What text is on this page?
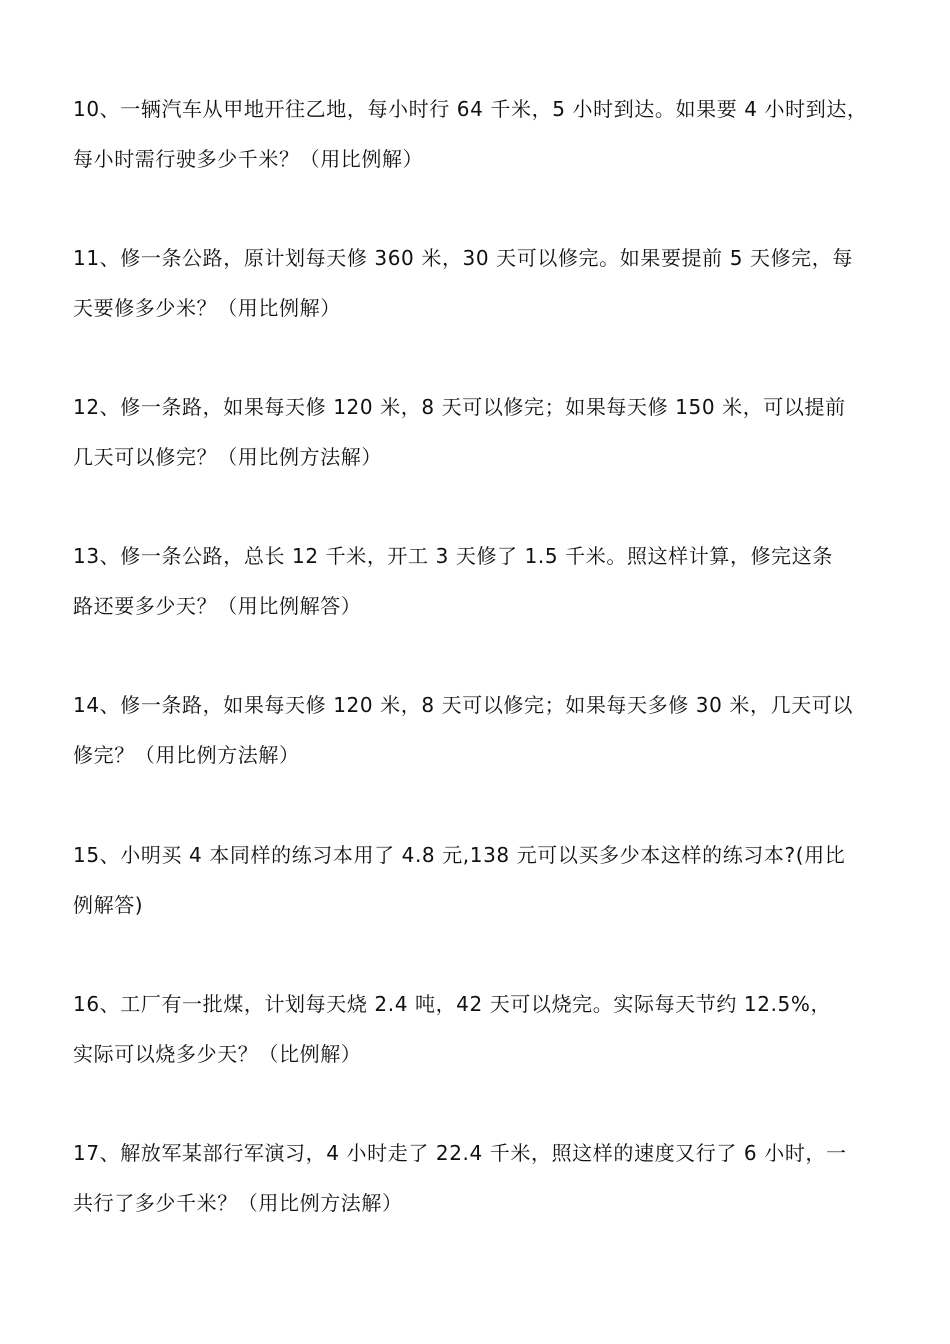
10、一辆汽车从甲地开往乙地，每小时行 64 千米，5 小时到达。如果要 4 小时到达，
每小时需行驶多少千米？（用比例解）
11、修一条公路，原计划每天修 360 米，30 天可以修完。如果要提前 5 天修完，每
天要修多少米？（用比例解）
12、修一条路，如果每天修 120 米，8 天可以修完；如果每天修 150 米，可以提前
几天可以修完？（用比例方法解）
13、修一条公路，总长 12 千米，开工 3 天修了 1.5 千米。照这样计算，修完这条
路还要多少天？（用比例解答）
14、修一条路，如果每天修 120 米，8 天可以修完；如果每天多修 30 米，几天可以
修完？（用比例方法解）
15、小明买 4 本同样的练习本用了 4.8 元,138 元可以买多少本这样的练习本?(用比
例解答)
16、工厂有一批煤，计划每天烧 2.4 吨，42 天可以烧完。实际每天节约 12.5%，
实际可以烧多少天？（比例解）
17、解放军某部行军演习，4 小时走了 22.4 千米，照这样的速度又行了 6 小时，一
共行了多少千米？（用比例方法解）
